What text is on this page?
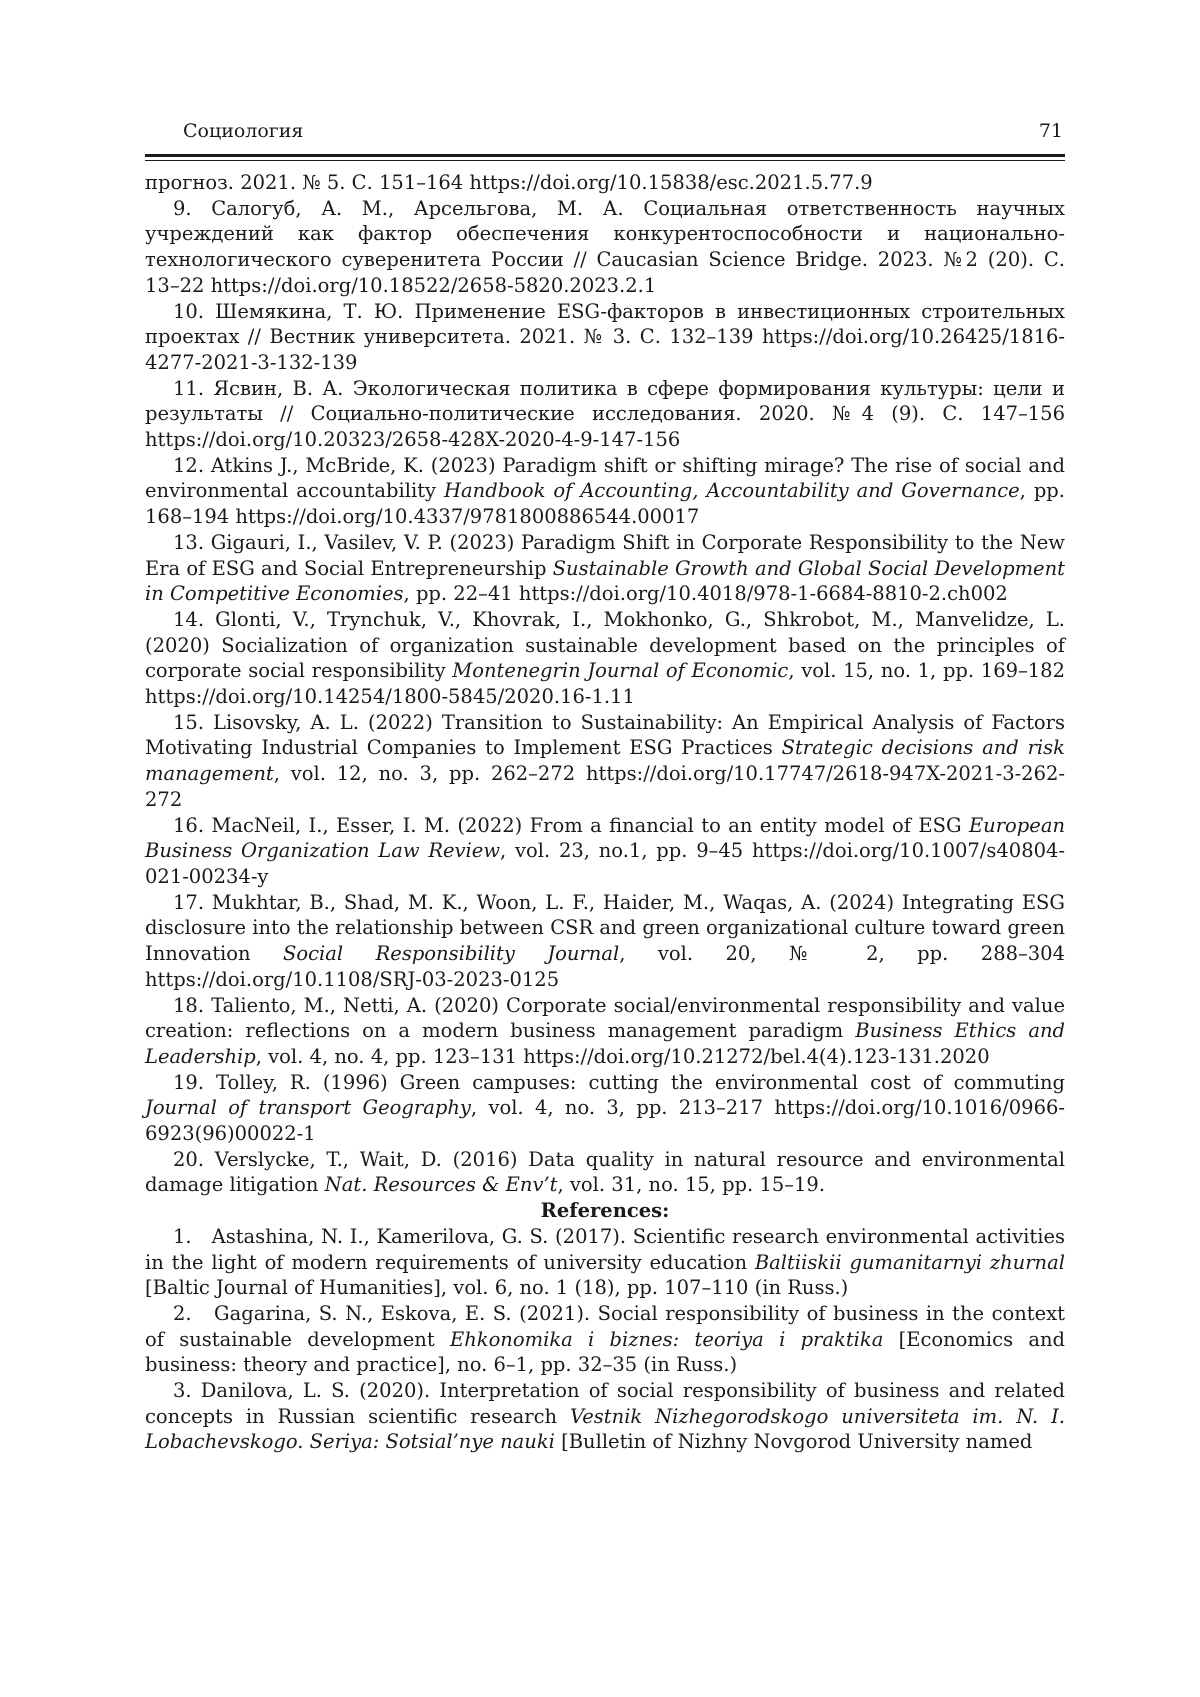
Социология	71

прогноз. 2021. № 5. С. 151–164 https://doi.org/10.15838/esc.2021.5.77.9

9. Салогуб, А. М., Арсельгова, М. А. Социальная ответственность научных учреждений как фактор обеспечения конкурентоспособности и национально-технологического суверенитета России // Caucasian Science Bridge. 2023. №2 (20). С. 13–22 https://doi.org/10.18522/2658-5820.2023.2.1

10. Шемякина, Т. Ю. Применение ESG-факторов в инвестиционных строительных проектах // Вестник университета. 2021. № 3. С. 132–139 https://doi.org/10.26425/1816-4277-2021-3-132-139

11. Ясвин, В. А. Экологическая политика в сфере формирования культуры: цели и результаты // Социально-политические исследования. 2020. №4 (9). С. 147–156 https://doi.org/10.20323/2658-428X-2020-4-9-147-156

12. Atkins J., McBride, K. (2023) Paradigm shift or shifting mirage? The rise of social and environmental accountability Handbook of Accounting, Accountability and Governance, pp. 168–194 https://doi.org/10.4337/9781800886544.00017

13. Gigauri, I., Vasilev, V. P. (2023) Paradigm Shift in Corporate Responsibility to the New Era of ESG and Social Entrepreneurship Sustainable Growth and Global Social Development in Competitive Economies, pp. 22–41 https://doi.org/10.4018/978-1-6684-8810-2.ch002

14. Glonti, V., Trynchuk, V., Khovrak, I., Mokhonko, G., Shkrobot, M., Manvelidze, L. (2020) Socialization of organization sustainable development based on the principles of corporate social responsibility Montenegrin Journal of Economic, vol. 15, no. 1, pp. 169–182 https://doi.org/10.14254/1800-5845/2020.16-1.11

15. Lisovsky, A. L. (2022) Transition to Sustainability: An Empirical Analysis of Factors Motivating Industrial Companies to Implement ESG Practices Strategic decisions and risk management, vol. 12, no. 3, pp. 262–272 https://doi.org/10.17747/2618-947X-2021-3-262-272

16. MacNeil, I., Esser, I. M. (2022) From a financial to an entity model of ESG European Business Organization Law Review, vol. 23, no.1, pp. 9–45 https://doi.org/10.1007/s40804-021-00234-y

17. Mukhtar, B., Shad, M. K., Woon, L. F., Haider, M., Waqas, A. (2024) Integrating ESG disclosure into the relationship between CSR and green organizational culture toward green Innovation Social Responsibility Journal, vol. 20, № 2, pp. 288–304 https://doi.org/10.1108/SRJ-03-2023-0125

18. Taliento, M., Netti, A. (2020) Corporate social/environmental responsibility and value creation: reflections on a modern business management paradigm Business Ethics and Leadership, vol. 4, no. 4, pp. 123–131 https://doi.org/10.21272/bel.4(4).123-131.2020

19. Tolley, R. (1996) Green campuses: cutting the environmental cost of commuting Journal of transport Geography, vol. 4, no. 3, pp. 213–217 https://doi.org/10.1016/0966-6923(96)00022-1

20. Verslycke, T., Wait, D. (2016) Data quality in natural resource and environmental damage litigation Nat. Resources & Env’t, vol. 31, no. 15, pp. 15–19.

References:

1.   Astashina, N. I., Kamerilova, G. S. (2017). Scientific research environmental activities in the light of modern requirements of university education Baltiiskii gumanitarnyi zhurnal [Baltic Journal of Humanities], vol. 6, no. 1 (18), pp. 107–110 (in Russ.)

2.   Gagarina, S. N., Eskova, E. S. (2021). Social responsibility of business in the context of sustainable development Ehkonomika i biznes: teoriya i praktika [Economics and business: theory and practice], no. 6–1, pp. 32–35 (in Russ.)

3. Danilova, L. S. (2020). Interpretation of social responsibility of business and related concepts in Russian scientific research Vestnik Nizhegorodskogo universiteta im. N. I. Lobachevskogo. Seriya: Sotsial’nye nauki [Bulletin of Nizhny Novgorod University named
